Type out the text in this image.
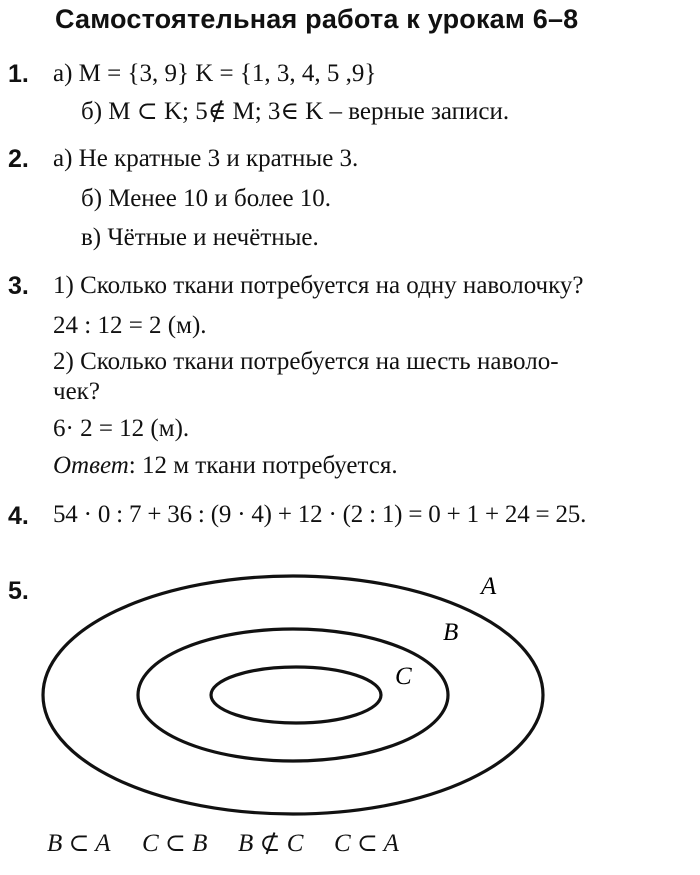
Самостоятельная работа к урокам 6–8
1. а) M = {3, 9} K = {1, 3, 4, 5 ,9}
б) M ⊂ K; 5∉ M; 3∈ K – верные записи.
2. а) Не кратные 3 и кратные 3.
б) Менее 10 и более 10.
в) Чётные и нечётные.
3. 1) Сколько ткани потребуется на одну наволочку?
24 : 12 = 2 (м).
2) Сколько ткани потребуется на шесть наволо-
чек?
6· 2 = 12 (м).
Ответ: 12 м ткани потребуется.
4. 54 · 0 : 7 + 36 : (9 · 4) + 12 · (2 : 1) = 0 + 1 + 24 = 25.
5.	A
B
C
B ⊂ A C ⊂ B B ⊄ C C ⊂ A
